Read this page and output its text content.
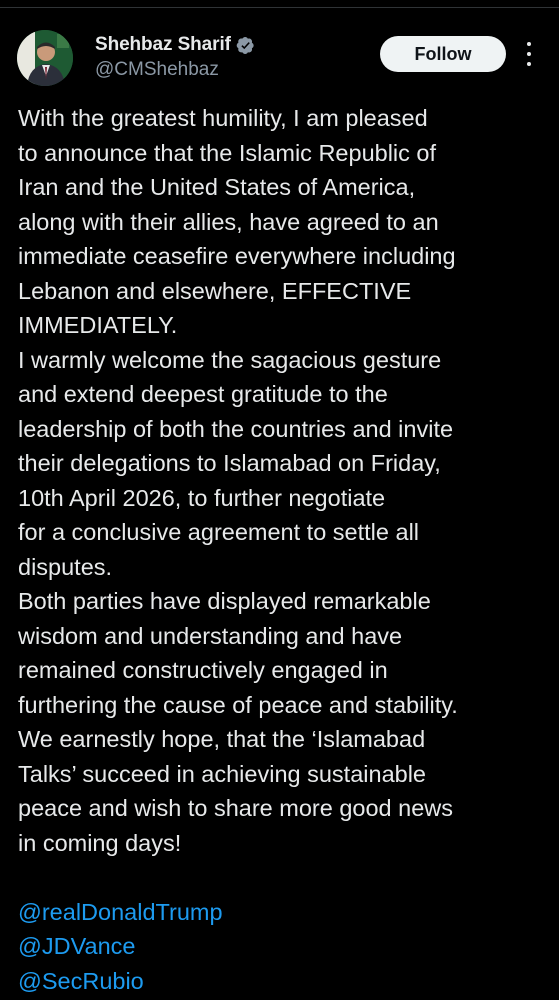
Shehbaz Sharif
@CMShehbaz
Follow
With the greatest humility, I am pleased
to announce that the Islamic Republic of
Iran and the United States of America,
along with their allies, have agreed to an
immediate ceasefire everywhere including
Lebanon and elsewhere, EFFECTIVE
IMMEDIATELY.
I warmly welcome the sagacious gesture
and extend deepest gratitude to the
leadership of both the countries and invite
their delegations to Islamabad on Friday,
10th April 2026, to further negotiate
for a conclusive agreement to settle all
disputes.
Both parties have displayed remarkable
wisdom and understanding and have
remained constructively engaged in
furthering the cause of peace and stability.
We earnestly hope, that the ‘Islamabad
Talks’ succeed in achieving sustainable
peace and wish to share more good news
in coming days!
@realDonaldTrump
@JDVance
@SecRubio
